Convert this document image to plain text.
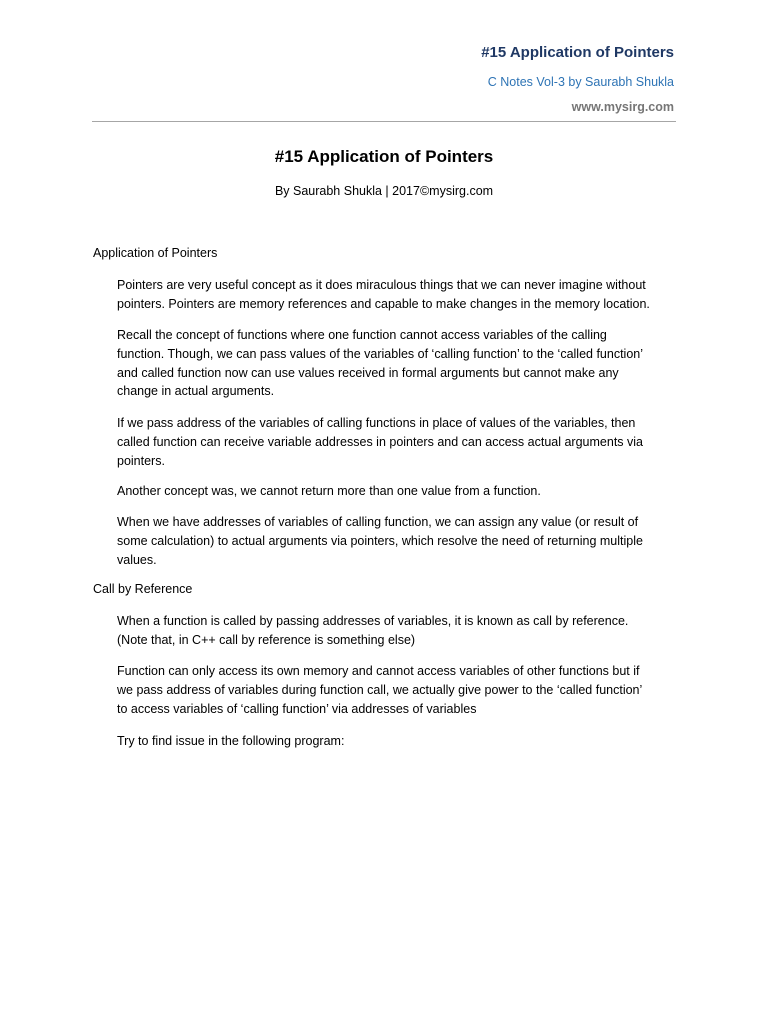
#15 Application of Pointers
C Notes Vol-3 by Saurabh Shukla
www.mysirg.com
#15 Application of Pointers
By Saurabh Shukla | 2017©mysirg.com
Application of Pointers
Pointers are very useful concept as it does miraculous things that we can never imagine without
pointers. Pointers are memory references and capable to make changes in the memory location.
Recall the concept of functions where one function cannot access variables of the calling
function. Though, we can pass values of the variables of ‘calling function’ to the ‘called function’
and called function now can use values received in formal arguments but cannot make any
change in actual arguments.
If we pass address of the variables of calling functions in place of values of the variables, then
called function can receive variable addresses in pointers and can access actual arguments via
pointers.
Another concept was, we cannot return more than one value from a function.
When we have addresses of variables of calling function, we can assign any value (or result of
some calculation) to actual arguments via pointers, which resolve the need of returning multiple
values.
Call by Reference
When a function is called by passing addresses of variables, it is known as call by reference.
(Note that, in C++ call by reference is something else)
Function can only access its own memory and cannot access variables of other functions but if
we pass address of variables during function call, we actually give power to the ‘called function’
to access variables of ‘calling function’ via addresses of variables
Try to find issue in the following program:
